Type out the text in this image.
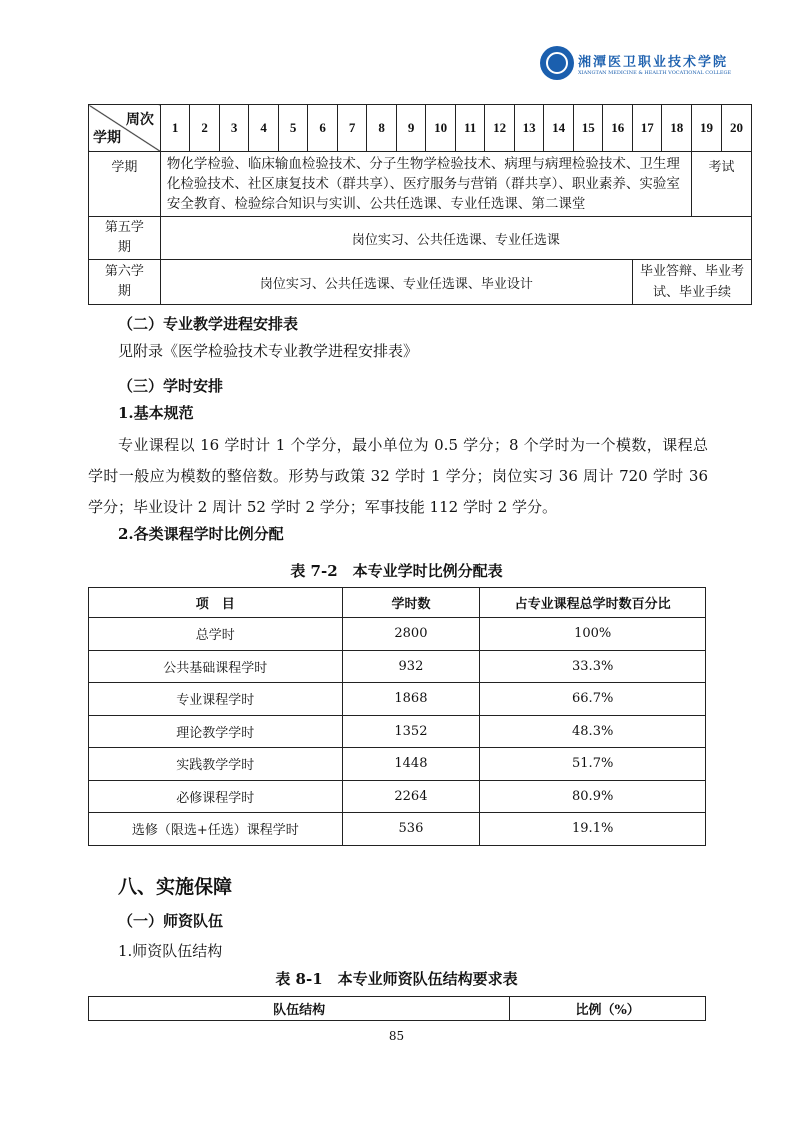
湘潭医卫职业技术学院
XIANGTAN MEDICINE & HEALTH VOCATIONAL COLLEGE
周次
学期	1	2	3	4	5	6	7	8	9	10	11	12	13	14	15	16	17	18	19	20
学期	物化学检验、临床输血检验技术、分子生物学检验技术、病理与病理检验技术、卫生理化检验技术、社区康复技术（群共享）、医疗服务与营销（群共享）、职业素养、实验室安全教育、检验综合知识与实训、公共任选课、专业任选课、第二课堂																		考试	
第五学期	岗位实习、公共任选课、专业任选课																			
第六学期	岗位实习、公共任选课、专业任选课、毕业设计																毕业答辩、毕业考试、毕业手续			
（二）专业教学进程安排表
见附录《医学检验技术专业教学进程安排表》
（三）学时安排
1.基本规范
专业课程以 16 学时计 1 个学分，最小单位为 0.5 学分；8 个学时为一个模数，课程总学时一般应为模数的整倍数。形势与政策 32 学时 1 学分；岗位实习 36 周计 720 学时 36 学分；毕业设计 2 周计 52 学时 2 学分；军事技能 112 学时 2 学分。
2.各类课程学时比例分配
表 7-2　本专业学时比例分配表
项　目	学时数	占专业课程总学时数百分比
总学时	2800	100%
公共基础课程学时	932	33.3%
专业课程学时	1868	66.7%
理论教学学时	1352	48.3%
实践教学学时	1448	51.7%
必修课程学时	2264	80.9%
选修（限选+任选）课程学时	536	19.1%
八、实施保障
（一）师资队伍
1.师资队伍结构
表 8-1　本专业师资队伍结构要求表
队伍结构	比例（%）
85
